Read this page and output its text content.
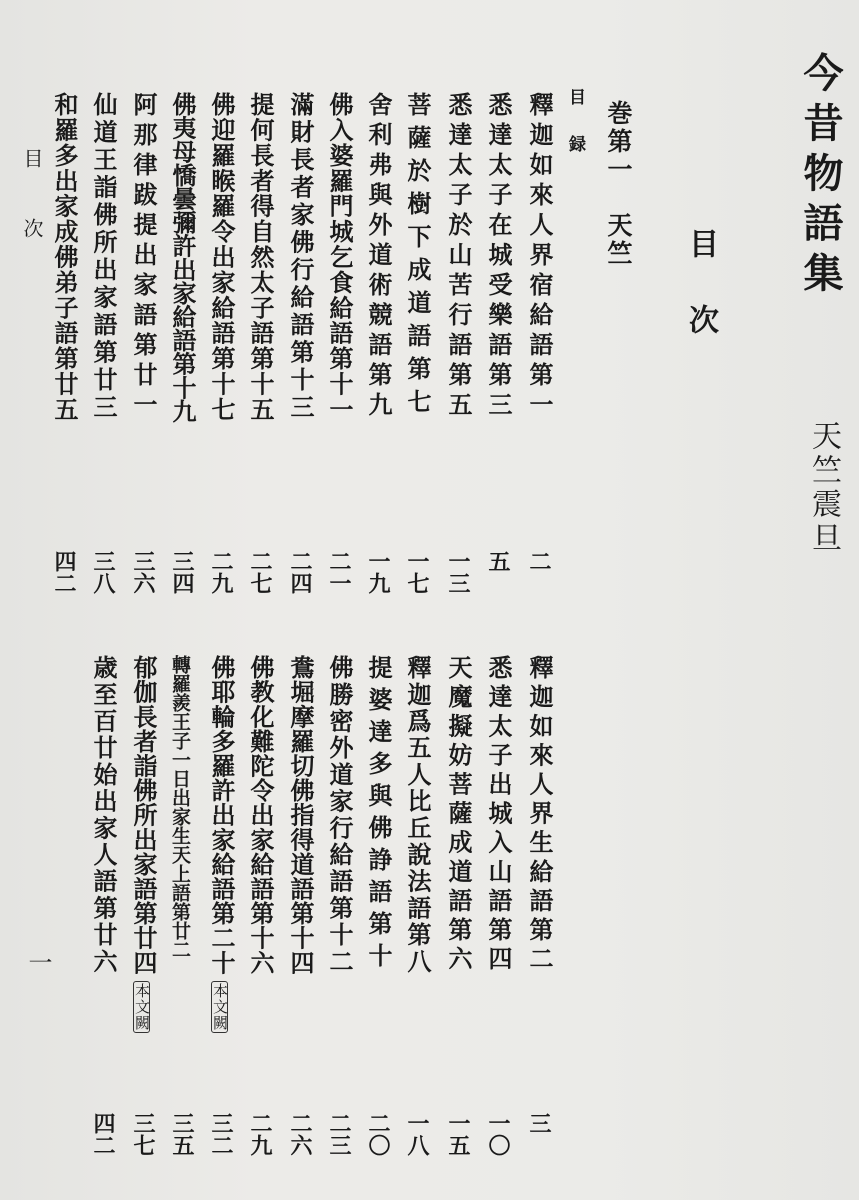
今昔物語集
天竺震旦
目次
巻第一　天竺
目録
釋迦如來人界宿給語第一
二
悉達太子在城受樂語第三
五
悉達太子於山苦行語第五
一三
菩薩於樹下成道語第七
一七
舍利弗與外道術競語第九
一九
佛入婆羅門城乞食給語第十一
二一
滿財長者家佛行給語第十三
二四
提何長者得自然太子語第十五
二七
佛迎羅睺羅令出家給語第十七
二九
佛夷母憍曇彌許出家給語第十九
三四
阿那律跋提出家語第廿一
三六
仙道王詣佛所出家語第廿三
三八
和羅多出家成佛弟子語第廿五
四二
釋迦如來人界生給語第二
三
悉達太子出城入山語第四
一〇
天魔擬妨菩薩成道語第六
一五
釋迦爲五人比丘說法語第八
一八
提婆達多與佛諍語第十
二〇
佛勝密外道家行給語第十二
二三
鴦堀摩羅切佛指得道語第十四
二六
佛教化難陀令出家給語第十六
二九
佛耶輪多羅許出家給語第二十
本文闕
三二
轉羅羨王子一日出家生天上語第廿二
三五
郁伽長者詣佛所出家語第廿四
本文闕
三七
歳至百廿始出家人語第廿六
四二
目次
一
